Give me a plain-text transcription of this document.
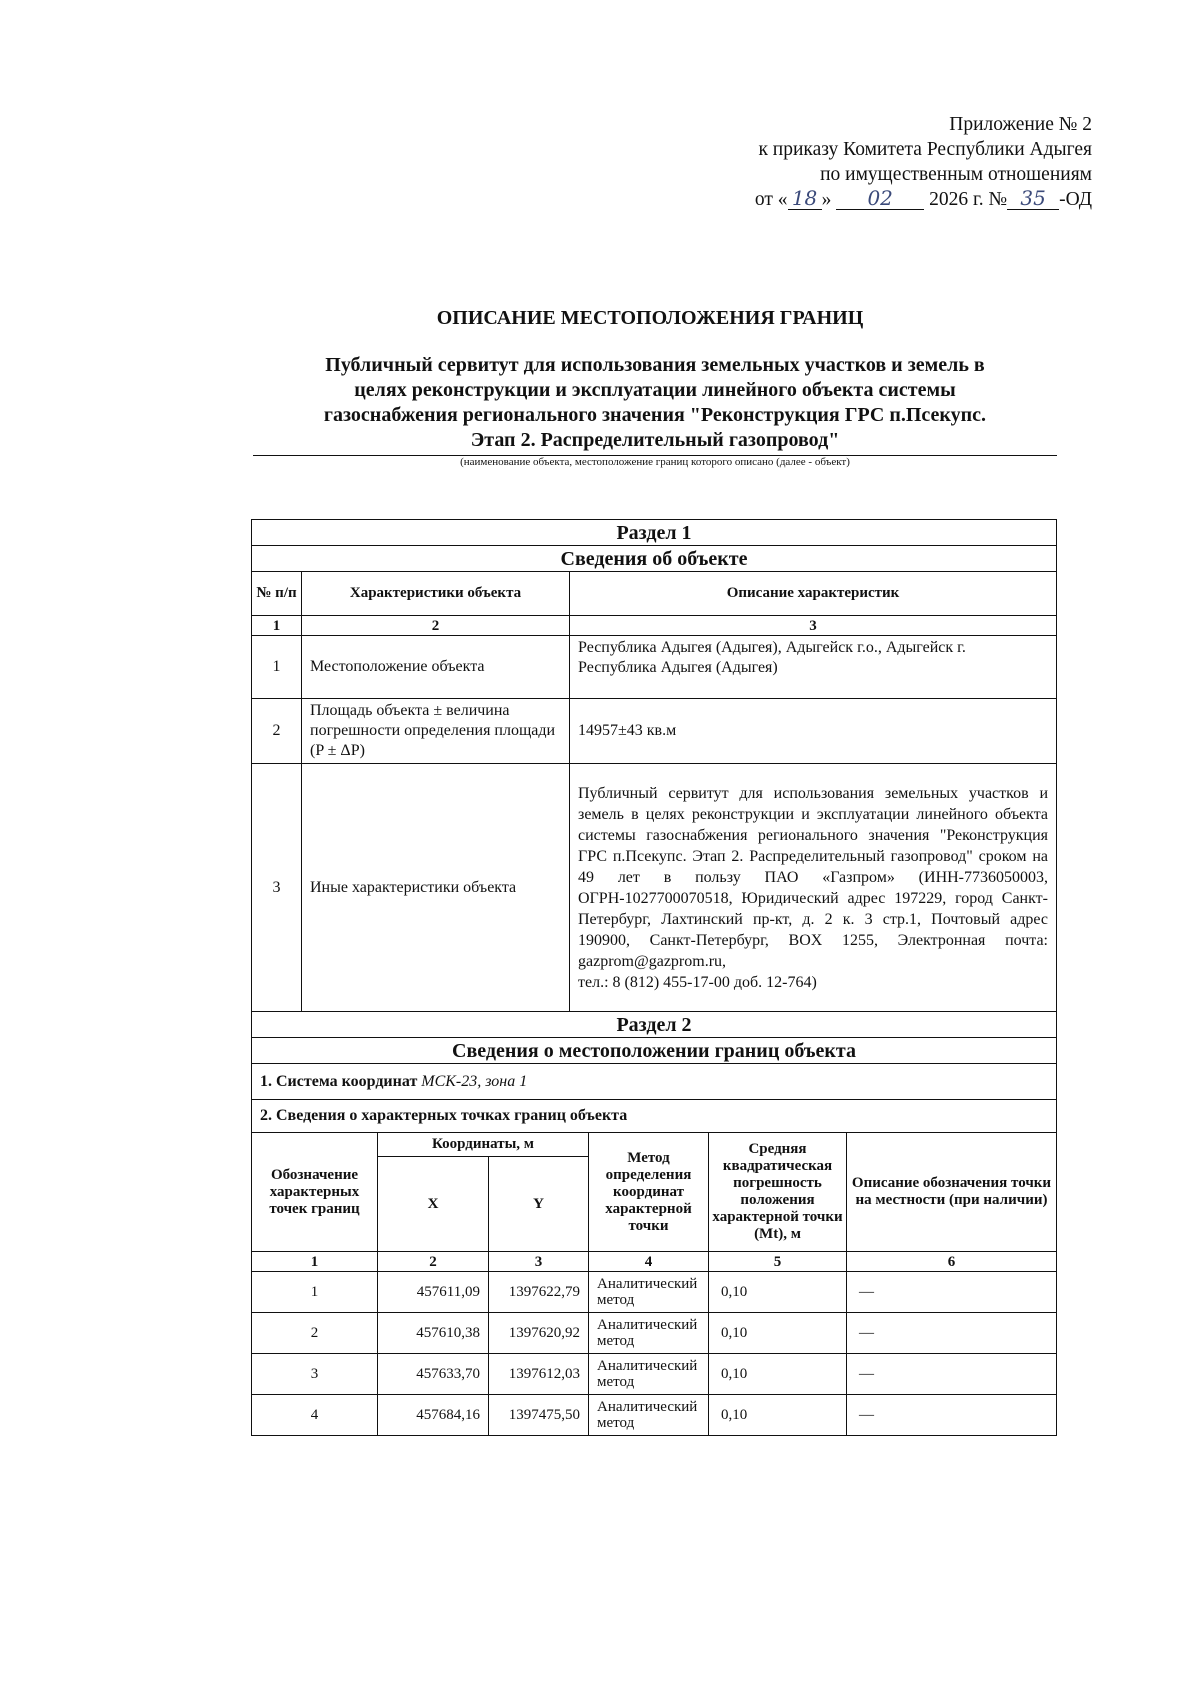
Приложение № 2
к приказу Комитета Республики Адыгея
по имущественным отношениям
от « 18 » 02 2026 г. № 35 -ОД
ОПИСАНИЕ МЕСТОПОЛОЖЕНИЯ ГРАНИЦ
Публичный сервитут для использования земельных участков и земель в
целях реконструкции и эксплуатации линейного объекта системы
газоснабжения регионального значения "Реконструкция ГРС п.Псекупс.
Этап 2. Распределительный газопровод"
(наименование объекта, местоположение границ которого описано (далее - объект)
Раздел 1		
Сведения об объекте		
№ п/п	Характеристики объекта	Описание характеристик
1	2	3
1	Местоположение объекта	Республика Адыгея (Адыгея), Адыгейск г.о., Адыгейск г. Республика Адыгея (Адыгея)
2	Площадь объекта ± величина погрешности определения площади (P ± ΔP)	14957±43 кв.м
3	Иные характеристики объекта	Публичный сервитут для использования земельных участков и земель в целях реконструкции и эксплуатации линейного объекта системы газоснабжения регионального значения "Реконструкция ГРС п.Псекупс. Этап 2. Распределительный газопровод" сроком на 49 лет в пользу ПАО «Газпром» (ИНН-7736050003, ОГРН-1027700070518, Юридический адрес 197229, город Санкт-Петербург, Лахтинский пр-кт, д. 2 к. 3 стр.1, Почтовый адрес 190900, Санкт-Петербург, BOX 1255, Электронная почта: gazprom@gazprom.ru,
тел.: 8 (812) 455-17-00 доб. 12-764)

Раздел 2		
Сведения о местоположении границ объекта		
1. Система координат МСК-23, зона 1		
2. Сведения о характерных точках границ объекта		
Обозначение характерных точек границ	Координаты, м		Метод определения координат характерной точки	Средняя квадратическая погрешность положения характерной точки (Mt), м	Описание обозначения точки на местности (при наличии)
	X	Y			
1	2	3	4	5	6
1	457611,09	1397622,79	Аналитический метод	0,10	—
2	457610,38	1397620,92	Аналитический метод	0,10	—
3	457633,70	1397612,03	Аналитический метод	0,10	—
4	457684,16	1397475,50	Аналитический метод	0,10	—
